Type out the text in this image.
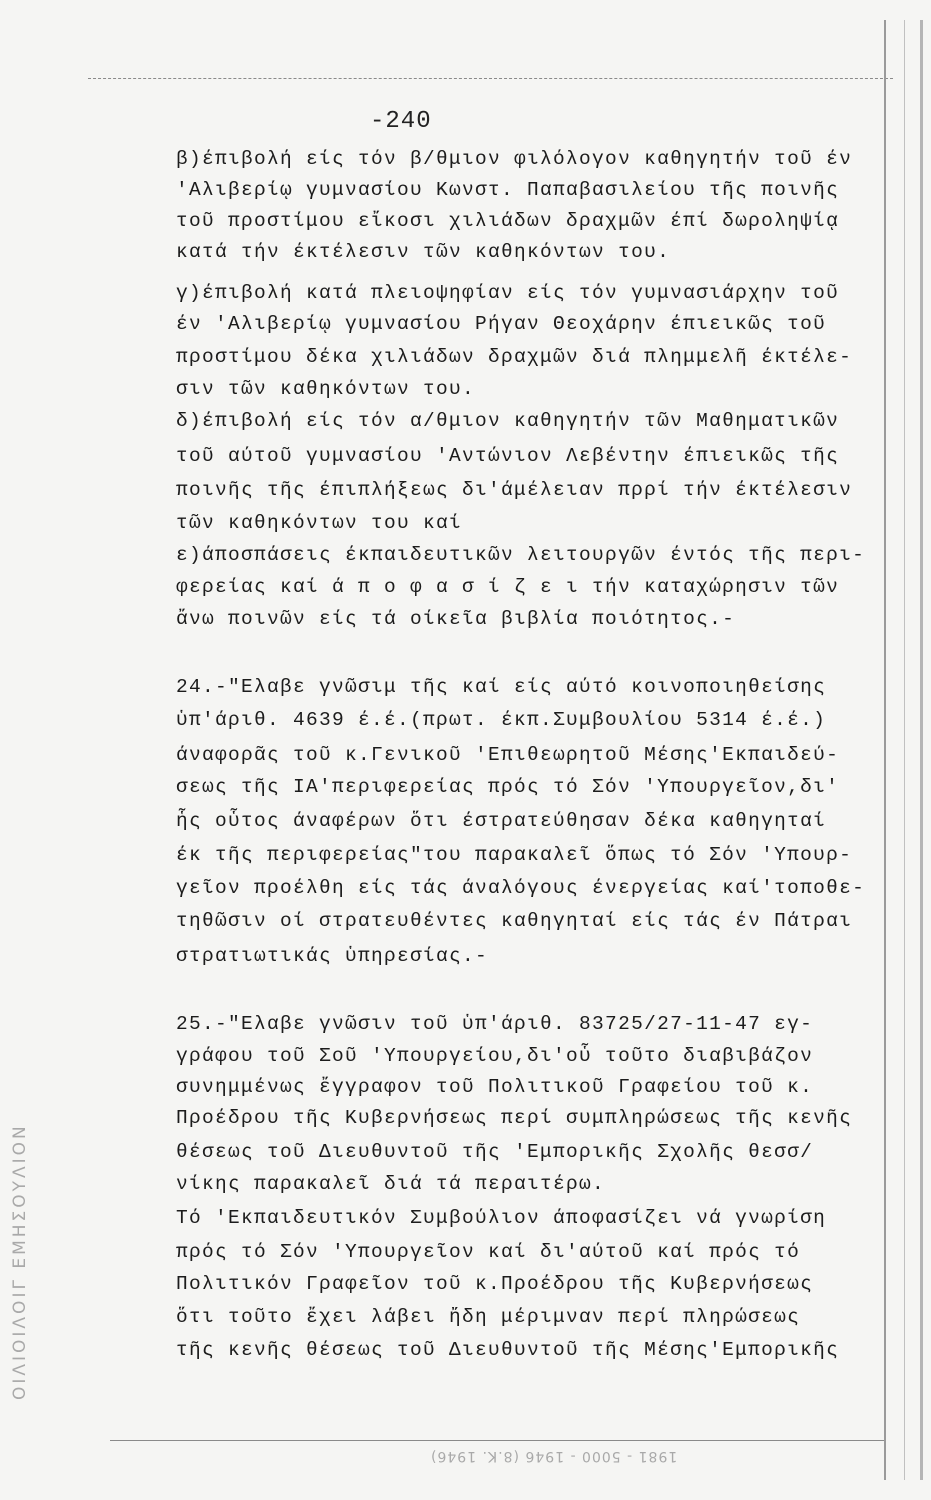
ΟΙΛΙΟΙΛΟΙΓ ΕΜΗΣΟΥΛΙΟΝ
1981 - 5000 - 1946 (8.K. 1946)
-240
β)έπιβολή είς τόν β/θμιον φιλόλογον καθηγητήν τοῦ έν
'Αλιβερίῳ γυμνασίου Κωνστ. Παπαβασιλείου τῆς ποινῆς
τοῦ προστίμου εἴκοσι χιλιάδων δραχμῶν έπί δωροληψίᾳ
κατά τήν έκτέλεσιν τῶν καθηκόντων του.
γ)έπιβολή κατά πλειοψηφίαν είς τόν γυμνασιάρχην τοῦ
έν 'Αλιβερίῳ γυμνασίου Ρήγαν Θεοχάρην έπιεικῶς τοῦ
προστίμου δέκα χιλιάδων δραχμῶν διά πλημμελῆ έκτέλε-
σιν τῶν καθηκόντων του.
δ)έπιβολή είς τόν α/θμιον καθηγητήν τῶν Μαθηματικῶν
τοῦ αύτοῦ γυμνασίου 'Αντώνιον Λεβέντην έπιεικῶς τῆς
ποινῆς τῆς έπιπλήξεως δι'άμέλειαν πρρί τήν έκτέλεσιν
τῶν καθηκόντων του καί
ε)άποσπάσεις έκπαιδευτικῶν λειτουργῶν έντός τῆς περι-
φερείας καί ά π ο φ α σ ί ζ ε ι τήν καταχώρησιν τῶν
ἄνω ποινῶν είς τά οίκεῖα βιβλία ποιότητος.-
24.-"Ελαβε γνῶσιμ τῆς καί είς αύτό κοινοποιηθείσης
ὑπ'άριθ. 4639 έ.έ.(πρωτ. έκπ.Συμβουλίου 5314 έ.έ.)
άναφορᾶς τοῦ κ.Γενικοῦ 'Επιθεωρητοῦ Μέσης'Εκπαιδεύ-
σεως τῆς ΙΑ'περιφερείας πρός τό Σόν 'Υπουργεῖον,δι'
ἧς οὗτος άναφέρων ὅτι έστρατεύθησαν δέκα καθηγηταί
έκ τῆς περιφερείας"του παρακαλεῖ ὅπως τό Σόν 'Υπουρ-
γεῖον προέλθη είς τάς άναλόγους ένεργείας καί'τοποθε-
τηθῶσιν οί στρατευθέντες καθηγηταί είς τάς έν Πάτραι
στρατιωτικάς ὑπηρεσίας.-
25.-"Ελαβε γνῶσιν τοῦ ὑπ'άριθ. 83725/27-11-47 εγ-
γράφου τοῦ Σοῦ 'Υπουργείου,δι'οὗ τοῦτο διαβιβάζον
συνημμένως ἔγγραφον τοῦ Πολιτικοῦ Γραφείου τοῦ κ.
Προέδρου τῆς Κυβερνήσεως περί συμπληρώσεως τῆς κενῆς
θέσεως τοῦ Διευθυντοῦ τῆς 'Εμπορικῆς Σχολῆς θεσσ/
νίκης παρακαλεῖ διά τά περαιτέρω.
Τό 'Εκπαιδευτικόν Συμβούλιον άποφασίζει νά γνωρίση
πρός τό Σόν 'Υπουργεῖον καί δι'αύτοῦ καί πρός τό
Πολιτικόν Γραφεῖον τοῦ κ.Προέδρου τῆς Κυβερνήσεως
ὅτι τοῦτο ἔχει λάβει ἤδη μέριμναν περί πληρώσεως
τῆς κενῆς θέσεως τοῦ Διευθυντοῦ τῆς Μέσης'Εμπορικῆς
